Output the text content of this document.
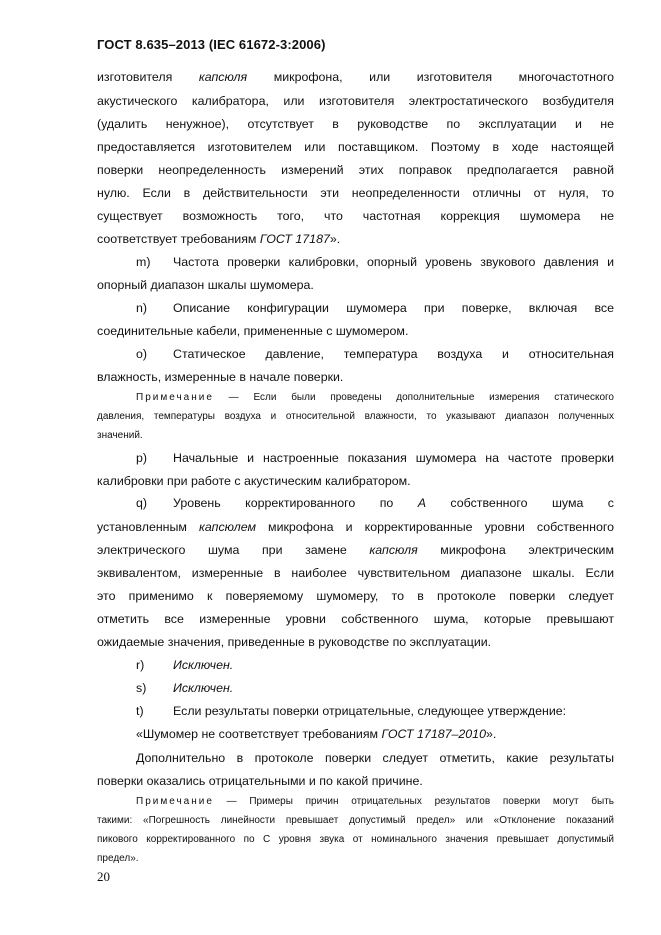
ГОСТ 8.635–2013 (IEC 61672-3:2006)
изготовителя капсюля микрофона, или изготовителя многочастотного
акустического калибратора, или изготовителя электростатического возбудителя
(удалить ненужное), отсутствует в руководстве по эксплуатации и не
предоставляется изготовителем или поставщиком. Поэтому в ходе настоящей
поверки неопределенность измерений этих поправок предполагается равной
нулю. Если в действительности эти неопределенности отличны от нуля, то
существует возможность того, что частотная коррекция шумомера не
соответствует требованиям ГОСТ 17187».
m) Частота проверки калибровки, опорный уровень звукового давления и
опорный диапазон шкалы шумомера.
n) Описание конфигурации шумомера при поверке, включая все
соединительные кабели, примененные с шумомером.
o) Статическое давление, температура воздуха и относительная
влажность, измеренные в начале поверки.
Примечание — Если были проведены дополнительные измерения статического
давления, температуры воздуха и относительной влажности, то указывают диапазон полученных
значений.
p) Начальные и настроенные показания шумомера на частоте проверки
калибровки при работе с акустическим калибратором.
q) Уровень корректированного по А собственного шума с
установленным капсюлем микрофона и корректированные уровни собственного
электрического шума при замене капсюля микрофона электрическим
эквивалентом, измеренные в наиболее чувствительном диапазоне шкалы. Если
это применимо к поверяемому шумомеру, то в протоколе поверки следует
отметить все измеренные уровни собственного шума, которые превышают
ожидаемые значения, приведенные в руководстве по эксплуатации.
r) Исключен.
s) Исключен.
t) Если результаты поверки отрицательные, следующее утверждение:
«Шумомер не соответствует требованиям ГОСТ 17187–2010».
Дополнительно в протоколе поверки следует отметить, какие результаты
поверки оказались отрицательными и по какой причине.
Примечание — Примеры причин отрицательных результатов поверки могут быть
такими: «Погрешность линейности превышает допустимый предел» или «Отклонение показаний
пикового корректированного по С уровня звука от номинального значения превышает допустимый
предел».
20
